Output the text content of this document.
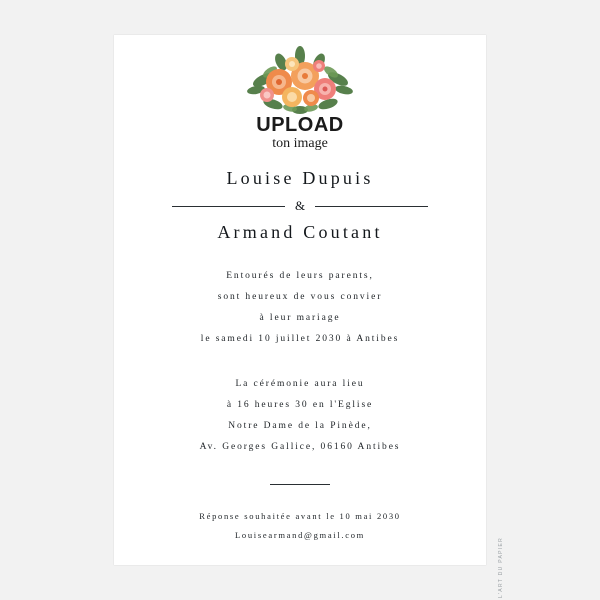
UPLOAD
ton image
Louise Dupuis
&
Armand Coutant
Entourés de leurs parents,
sont heureux de vous convier
à leur mariage
le samedi 10 juillet 2030 à Antibes
La cérémonie aura lieu
à 16 heures 30 en l'Eglise
Notre Dame de la Pinède,
Av. Georges Gallice, 06160 Antibes
Réponse souhaitée avant le 10 mai 2030
Louisearmand@gmail.com
L'ART DU PAPIER
